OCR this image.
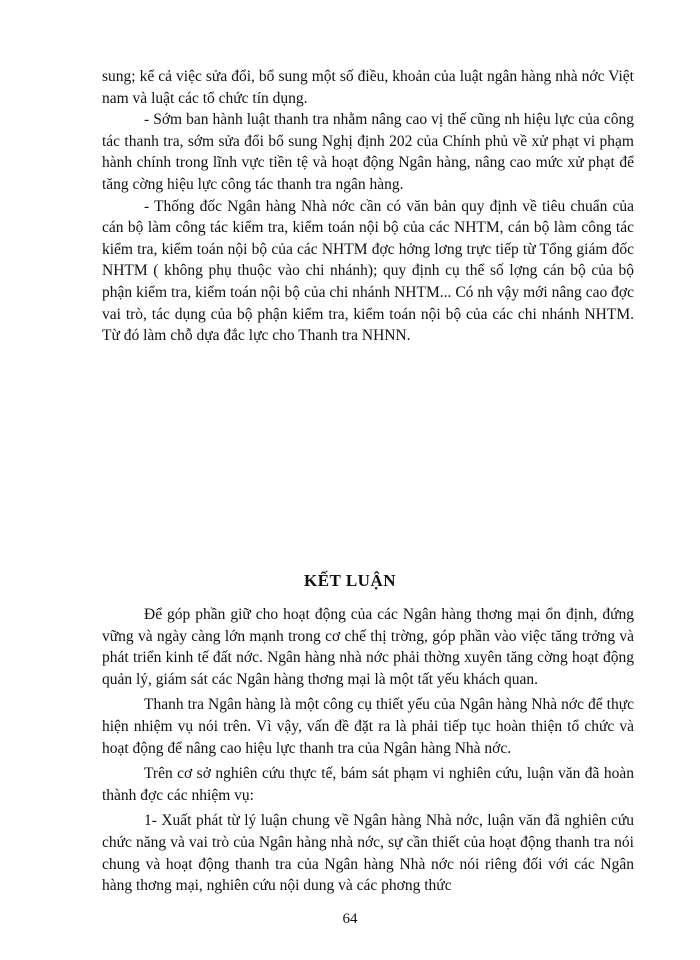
sung; kể cả việc sửa đổi, bổ sung một số điều, khoản của luật ngân hàng nhà nớc Việt nam và luật các tổ chức tín dụng.

- Sớm ban hành luật thanh tra nhằm nâng cao vị thế cũng nh hiệu lực của công tác thanh tra, sớm sửa đổi bổ sung Nghị định 202 của Chính phủ về xử phạt vi phạm hành chính trong lĩnh vực tiền tệ và hoạt động Ngân hàng, nâng cao mức xử phạt để tăng cờng hiệu lực công tác thanh tra ngân hàng.

- Thống đốc Ngân hàng Nhà nớc cần có văn bản quy định về tiêu chuẩn của cán bộ làm công tác kiểm tra, kiểm toán nội bộ của các NHTM, cán bộ làm công tác kiểm tra, kiểm toán nội bộ của các NHTM đợc hởng lơng trực tiếp từ Tổng giám đốc NHTM ( không phụ thuộc vào chi nhánh); quy định cụ thể số lợng cán bộ của bộ phận kiểm tra, kiểm toán nội bộ của chi nhánh NHTM... Có nh vậy mới nâng cao đợc vai trò, tác dụng của bộ phận kiểm tra, kiểm toán nội bộ của các chi nhánh NHTM. Từ đó làm chỗ dựa đắc lực cho Thanh tra NHNN.

KẾT LUẬN

Để góp phần giữ cho hoạt động của các Ngân hàng thơng mại ổn định, đứng vững và ngày càng lớn mạnh trong cơ chế thị trờng, góp phần vào việc tăng trởng và phát triển kinh tế đất nớc. Ngân hàng nhà nớc phải thờng xuyên tăng cờng hoạt động quản lý, giám sát các Ngân hàng thơng mại là một tất yếu khách quan.

Thanh tra Ngân hàng là một công cụ thiết yếu của Ngân hàng Nhà nớc để thực hiện nhiệm vụ nói trên. Vì vậy, vấn đề đặt ra là phải tiếp tục hoàn thiện tổ chức và hoạt động để nâng cao hiệu lực thanh tra của Ngân hàng Nhà nớc.

Trên cơ sở nghiên cứu thực tế, bám sát phạm vi nghiên cứu, luận văn đã hoàn thành đợc các nhiệm vụ:

1- Xuất phát từ lý luận chung về Ngân hàng Nhà nớc, luận văn đã nghiên cứu chức năng và vai trò của Ngân hàng nhà nớc, sự cần thiết của hoạt động thanh tra nói chung và hoạt động thanh tra của Ngân hàng Nhà nớc nói riêng đối với các Ngân hàng thơng mại, nghiên cứu nội dung và các phơng thức

64
